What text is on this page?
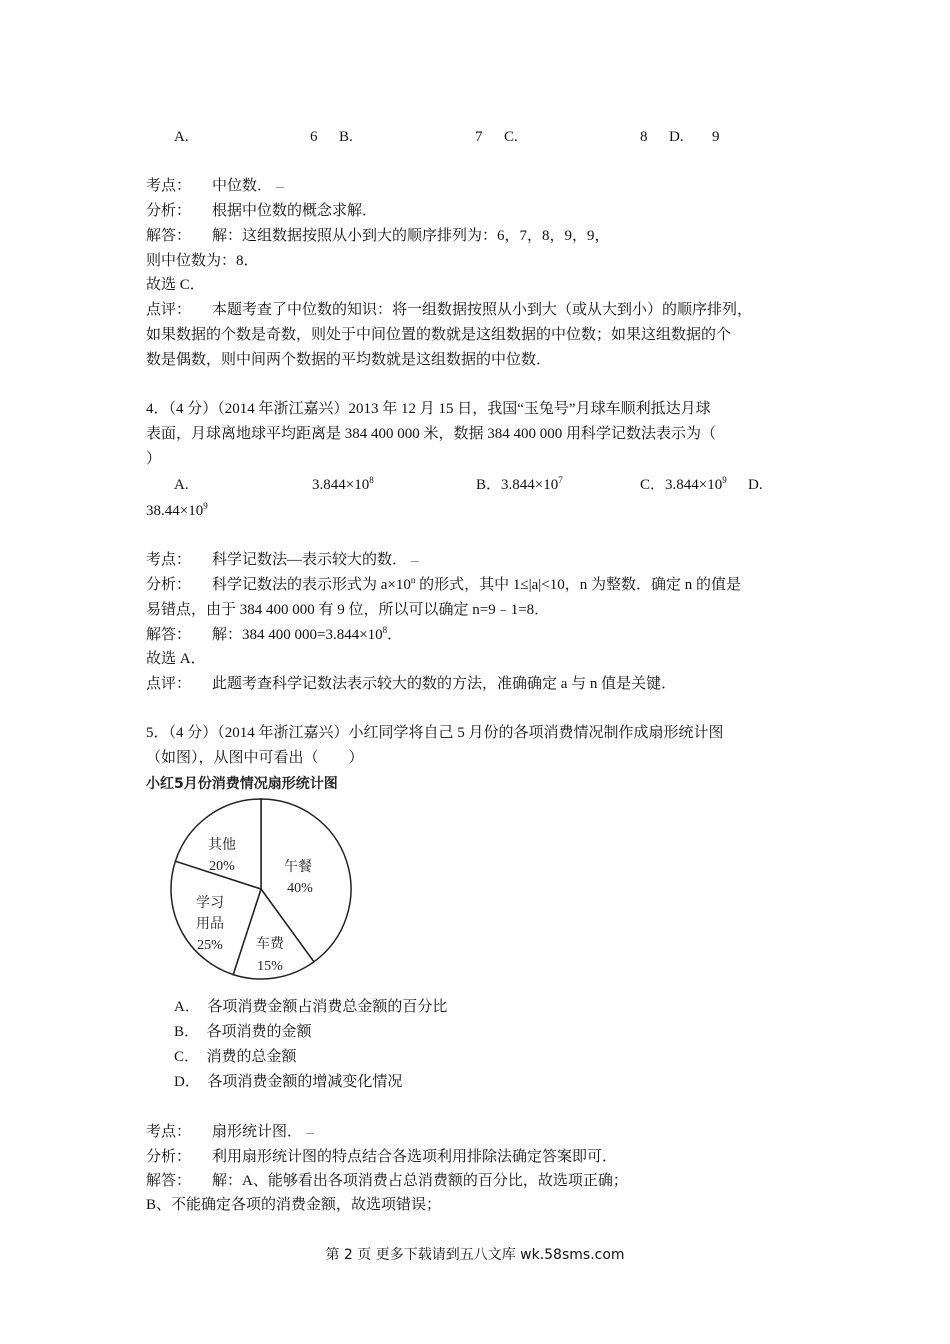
A.	6 B.	7 C.	8 D. 9
考点： 中位数．
分析： 根据中位数的概念求解．
解答： 解：这组数据按照从小到大的顺序排列为：6，7，8，9，9，
则中位数为：8．
故选 C．
点评： 本题考查了中位数的知识：将一组数据按照从小到大（或从大到小）的顺序排列，
如果数据的个数是奇数，则处于中间位置的数就是这组数据的中位数；如果这组数据的个
数是偶数，则中间两个数据的平均数就是这组数据的中位数．
4．（4 分）（2014 年浙江嘉兴）2013 年 12 月 15 日，我国“玉兔号”月球车顺利抵达月球
表面，月球离地球平均距离是 384 400 000 米，数据 384 400 000 用科学记数法表示为（
）
A.	$3.844\times 10^8$	B．$3.844\times 10^7$	C．$3.844\times 10^9$ D.
$38.44\times 10^9$
考点： 科学记数法—表示较大的数．
分析： 科学记数法的表示形式为 $a\times 10^n$ 的形式，其中 1≤|a|<10，n 为整数．确定 n 的值是
易错点，由于 384 400 000 有 9 位，所以可以确定 n=9﹣1=8．
解答： 解：384 400 $000=3.844\times 10^8$．
故选 A．
点评： 此题考查科学记数法表示较大的数的方法，准确确定 a 与 n 值是关键．
5．（4 分）（2014 年浙江嘉兴）小红同学将自己 5 月份的各项消费情况制作成扇形统计图
（如图），从图中可看出（　　）
小红5月份消费情况扇形统计图
午餐
40%
车费
15%
学习
用品
25%
其他
20%
A．　各项消费金额占消费总金额的百分比
B．　各项消费的金额
C．　消费的总金额
D．　各项消费金额的增减变化情况
考点： 扇形统计图．
分析： 利用扇形统计图的特点结合各选项利用排除法确定答案即可．
解答： 解：A、能够看出各项消费占总消费额的百分比，故选项正确；
B、不能确定各项的消费金额，故选项错误；
第 2 页 更多下载请到五八文库 wk.58sms.com
